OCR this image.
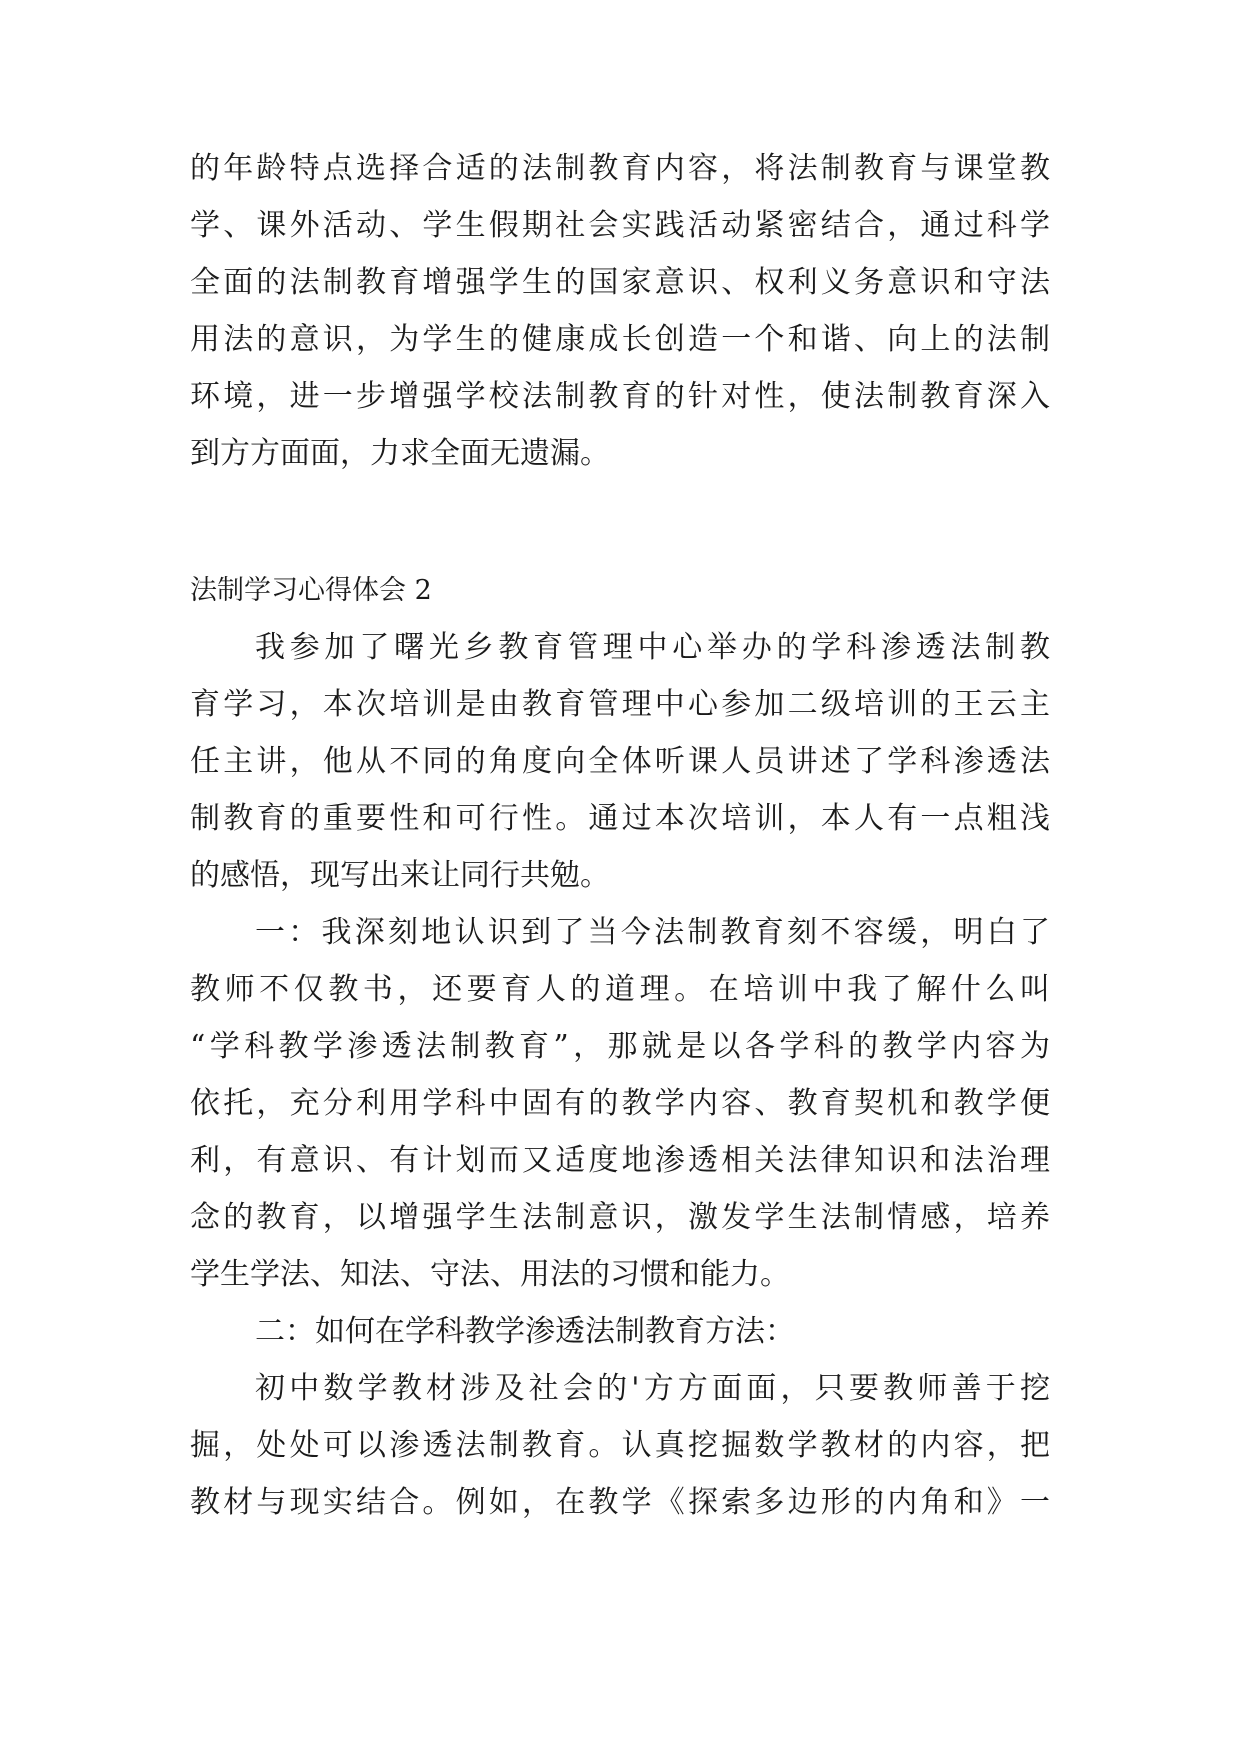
的年龄特点选择合适的法制教育内容，将法制教育与课堂教
学、课外活动、学生假期社会实践活动紧密结合，通过科学
全面的法制教育增强学生的国家意识、权利义务意识和守法
用法的意识，为学生的健康成长创造一个和谐、向上的法制
环境，进一步增强学校法制教育的针对性，使法制教育深入
到方方面面，力求全面无遗漏。
法制学习心得体会 2
我参加了曙光乡教育管理中心举办的学科渗透法制教
育学习，本次培训是由教育管理中心参加二级培训的王云主
任主讲，他从不同的角度向全体听课人员讲述了学科渗透法
制教育的重要性和可行性。通过本次培训，本人有一点粗浅
的感悟，现写出来让同行共勉。
一：我深刻地认识到了当今法制教育刻不容缓，明白了
教师不仅教书，还要育人的道理。在培训中我了解什么叫
“学科教学渗透法制教育”，那就是以各学科的教学内容为
依托，充分利用学科中固有的教学内容、教育契机和教学便
利，有意识、有计划而又适度地渗透相关法律知识和法治理
念的教育，以增强学生法制意识，激发学生法制情感，培养
学生学法、知法、守法、用法的习惯和能力。
二：如何在学科教学渗透法制教育方法：
初中数学教材涉及社会的'方方面面，只要教师善于挖
掘，处处可以渗透法制教育。认真挖掘数学教材的内容，把
教材与现实结合。例如，在教学《探索多边形的内角和》一
